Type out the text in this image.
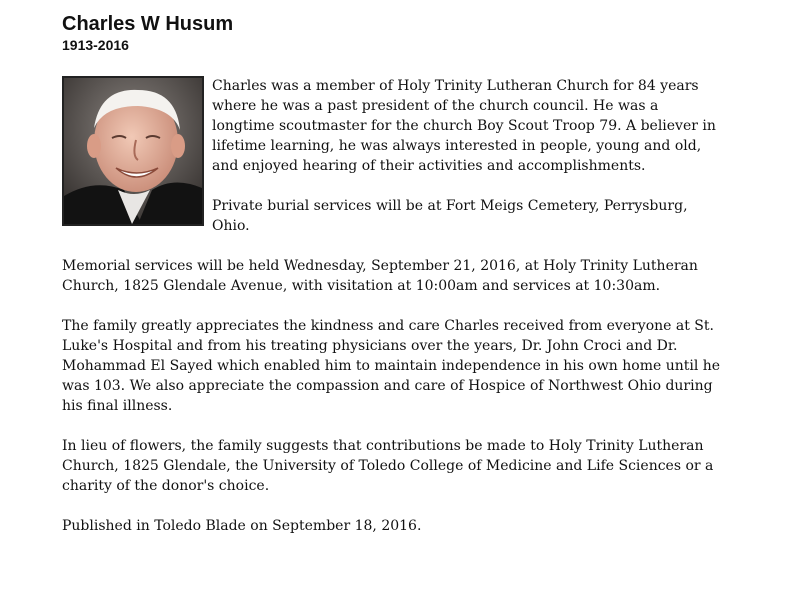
Charles W Husum
1913-2016

Charles was a member of Holy Trinity Lutheran Church for 84 years where he was a past president of the church council. He was a longtime scoutmaster for the church Boy Scout Troop 79. A believer in lifetime learning, he was always interested in people, young and old, and enjoyed hearing of their activities and accomplishments.

Private burial services will be at Fort Meigs Cemetery, Perrysburg, Ohio.

Memorial services will be held Wednesday, September 21, 2016, at Holy Trinity Lutheran Church, 1825 Glendale Avenue, with visitation at 10:00am and services at 10:30am.

The family greatly appreciates the kindness and care Charles received from everyone at St. Luke's Hospital and from his treating physicians over the years, Dr. John Croci and Dr. Mohammad El Sayed which enabled him to maintain independence in his own home until he was 103. We also appreciate the compassion and care of Hospice of Northwest Ohio during his final illness.

In lieu of flowers, the family suggests that contributions be made to Holy Trinity Lutheran Church, 1825 Glendale, the University of Toledo College of Medicine and Life Sciences or a charity of the donor's choice.

Published in Toledo Blade on September 18, 2016.
